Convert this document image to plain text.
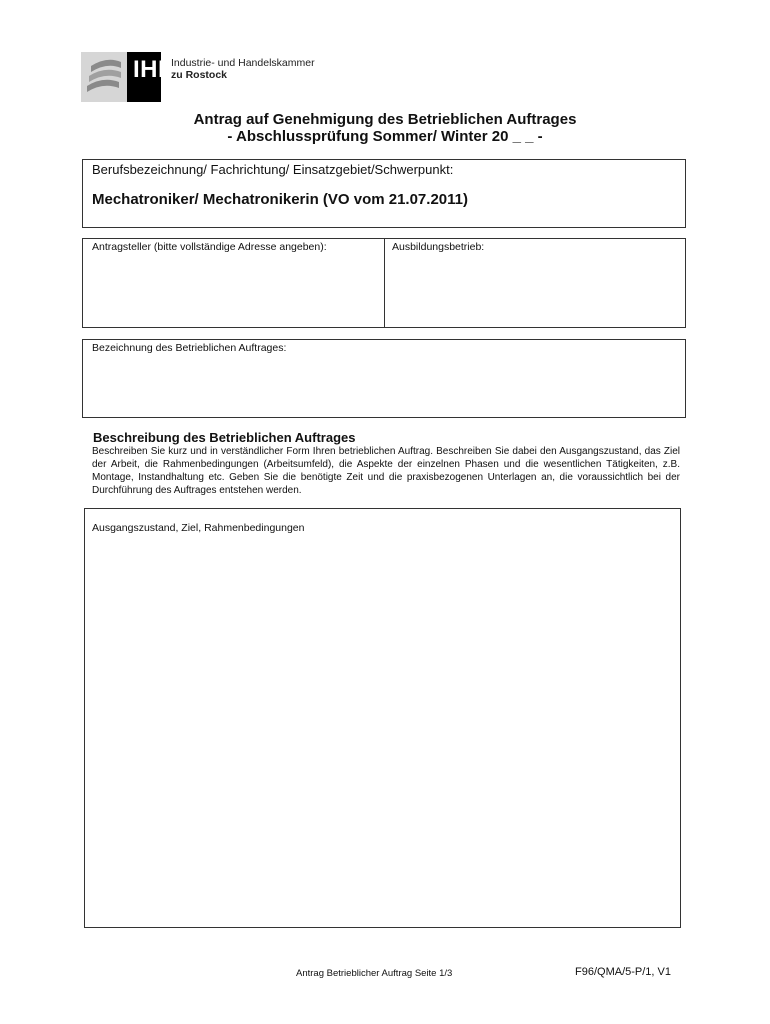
IHK
Industrie- und Handelskammer
zu Rostock
Antrag auf Genehmigung des Betrieblichen Auftrages
- Abschlussprüfung Sommer/ Winter 20 _ _ -
Berufsbezeichnung/ Fachrichtung/ Einsatzgebiet/Schwerpunkt:
Mechatroniker/ Mechatronikerin (VO vom 21.07.2011)
Antragsteller (bitte vollständige Adresse angeben):	Ausbildungsbetrieb:
Bezeichnung des Betrieblichen Auftrages:
Beschreibung des Betrieblichen Auftrages
Beschreiben Sie kurz und in verständlicher Form Ihren betrieblichen Auftrag. Beschreiben Sie dabei den Ausgangszustand, das Ziel der Arbeit, die Rahmenbedingungen (Arbeitsumfeld), die Aspekte der einzelnen Phasen und die wesentlichen Tätigkeiten, z.B. Montage, Instandhaltung etc. Geben Sie die benötigte Zeit und die praxisbezogenen Unterlagen an, die voraussichtlich bei der Durchführung des Auftrages entstehen werden.
Ausgangszustand, Ziel, Rahmenbedingungen
Antrag Betrieblicher Auftrag Seite 1/3	F96/QMA/5-P/1, V1
